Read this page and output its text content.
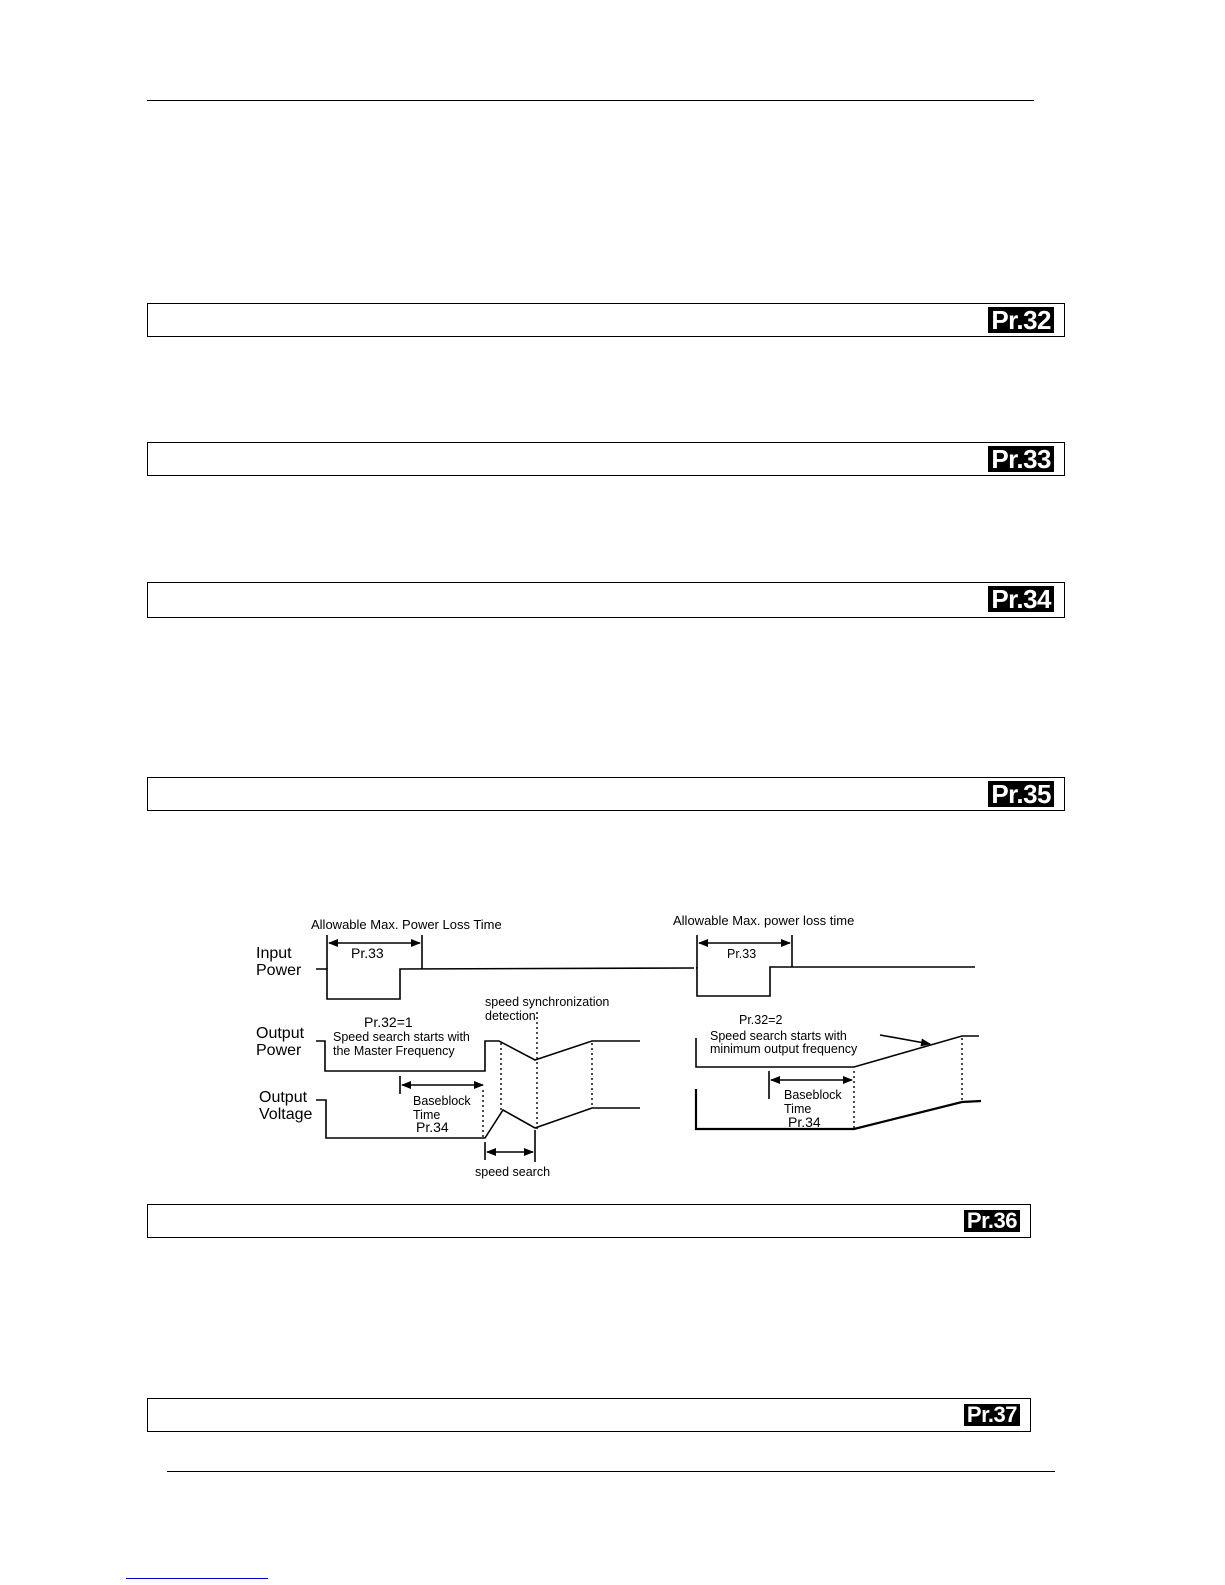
Pr.32
Pr.33
Pr.34
Pr.35
Pr.36
Pr.37
Allowable Max. Power Loss Time
Pr.33
Input
Power
Output
Power
Output
Voltage
Pr.32=1
Speed search starts with
the Master Frequency
speed synchronization
detection
Baseblock
Time
Pr.34
speed search
Allowable Max. power loss time
Pr.33
Pr.32=2
Speed search starts with
minimum output frequency
Baseblock
Time
Pr.34
